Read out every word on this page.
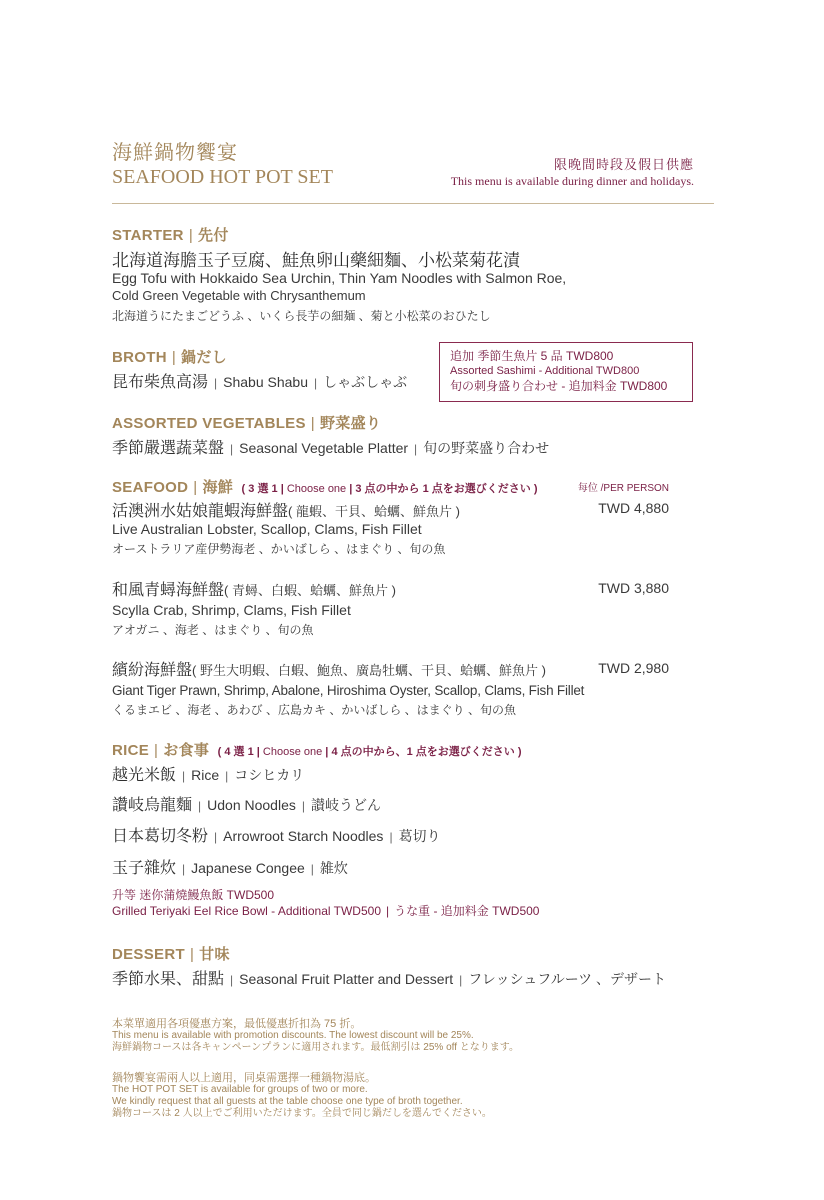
海鮮鍋物饗宴
SEAFOOD HOT POT SET
限晚間時段及假日供應
This menu is available during dinner and holidays.
STARTER | 先付
北海道海膽玉子豆腐、鮭魚卵山藥細麵、小松菜菊花漬
Egg Tofu with Hokkaido Sea Urchin, Thin Yam Noodles with Salmon Roe,
Cold Green Vegetable with Chrysanthemum
北海道うにたまごどうふ 、いくら長芋の細麺 、菊と小松菜のおひたし
BROTH | 鍋だし
昆布柴魚高湯 | Shabu Shabu | しゃぶしゃぶ
追加 季節生魚片 5 品 TWD800
Assorted Sashimi - Additional TWD800
旬の刺身盛り合わせ - 追加料金 TWD800
ASSORTED VEGETABLES | 野菜盛り
季節嚴選蔬菜盤 | Seasonal Vegetable Platter | 旬の野菜盛り合わせ
SEAFOOD | 海鮮 ( 3 選 1 | Choose one | 3 点の中から 1 点をお選びください )	每位 /PER PERSON
活澳洲水姑娘龍蝦海鮮盤( 龍蝦、干貝、蛤蠣、鮮魚片 )	TWD 4,880
Live Australian Lobster, Scallop, Clams, Fish Fillet
オーストラリア産伊勢海老 、かいばしら 、はまぐり 、旬の魚
和風青蟳海鮮盤( 青蟳、白蝦、蛤蠣、鮮魚片 )	TWD 3,880
Scylla Crab, Shrimp, Clams, Fish Fillet
アオガニ 、海老 、はまぐり 、旬の魚
繽紛海鮮盤( 野生大明蝦、白蝦、鮑魚、廣島牡蠣、干貝、蛤蠣、鮮魚片 )	TWD 2,980
Giant Tiger Prawn, Shrimp, Abalone, Hiroshima Oyster, Scallop, Clams, Fish Fillet
くるまエビ 、海老 、あわび 、広島カキ 、かいばしら 、はまぐり 、旬の魚
RICE | お食事 ( 4 選 1 | Choose one | 4 点の中から、1 点をお選びください )
越光米飯 | Rice | コシヒカリ
讚岐烏龍麵 | Udon Noodles | 讃岐うどん
日本葛切冬粉 | Arrowroot Starch Noodles | 葛切り
玉子雜炊 | Japanese Congee | 雑炊
升等 迷你蒲燒鰻魚飯 TWD500
Grilled Teriyaki Eel Rice Bowl - Additional TWD500 | うな重 - 追加料金 TWD500
DESSERT | 甘味
季節水果、甜點 | Seasonal Fruit Platter and Dessert | フレッシュフルーツ 、デザート
本菜單適用各項優惠方案，最低優惠折扣為 75 折。
This menu is available with promotion discounts. The lowest discount will be 25%.
海鮮鍋物コースは各キャンペーンプランに適用されます。最低割引は 25% off となります。
鍋物饗宴需兩人以上適用，同桌需選擇一種鍋物湯底。
The HOT POT SET is available for groups of two or more.
We kindly request that all guests at the table choose one type of broth together.
鍋物コースは 2 人以上でご利用いただけます。全員で同じ鍋だしを選んでください。
